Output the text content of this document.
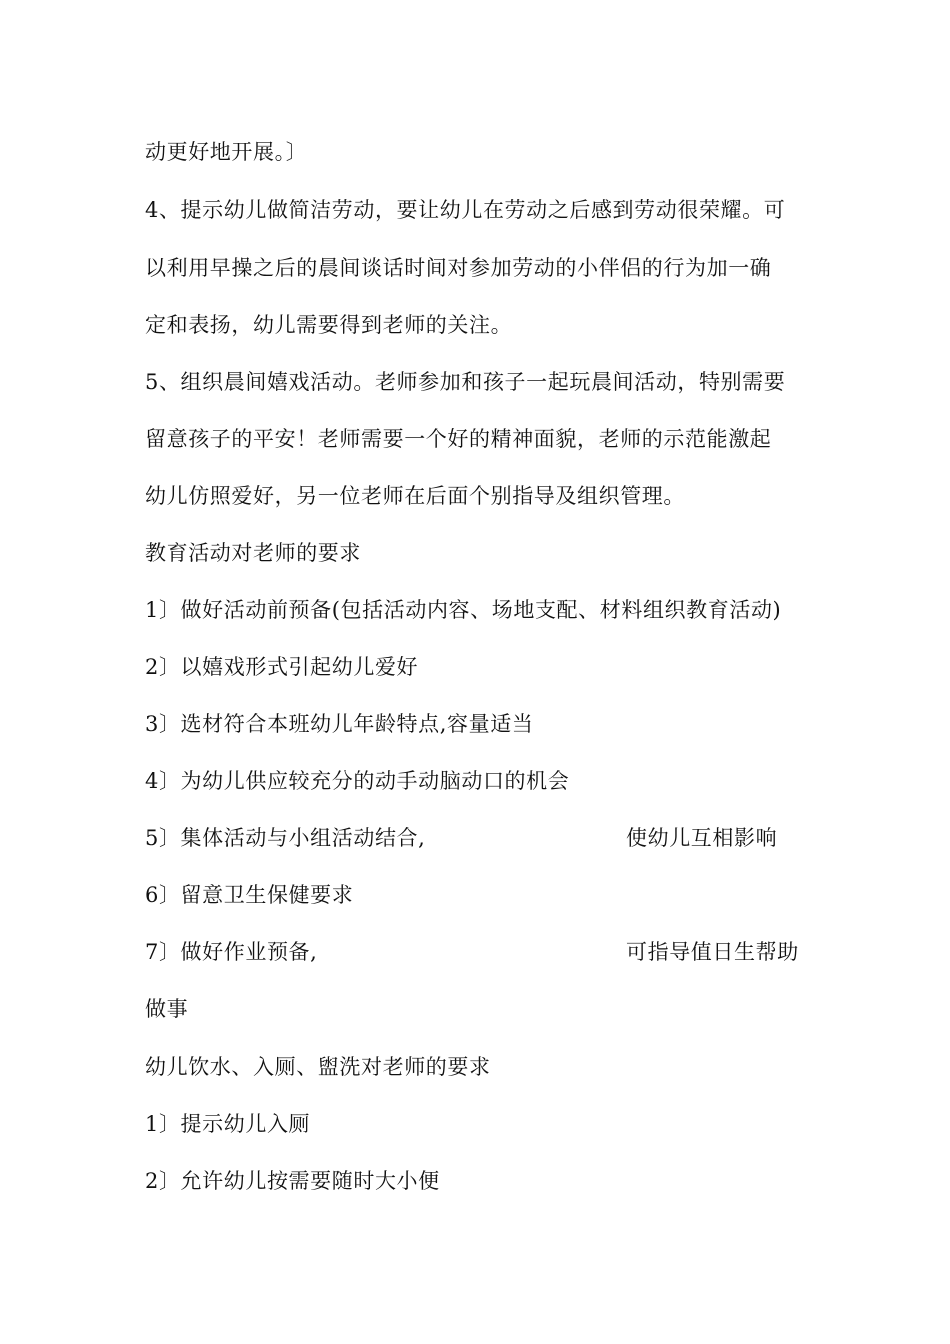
动更好地开展。〕
4、提示幼儿做简洁劳动，要让幼儿在劳动之后感到劳动很荣耀。可
以利用早操之后的晨间谈话时间对参加劳动的小伴侣的行为加一确
定和表扬，幼儿需要得到老师的关注。
5、组织晨间嬉戏活动。老师参加和孩子一起玩晨间活动，特别需要
留意孩子的平安！老师需要一个好的精神面貌，老师的示范能激起
幼儿仿照爱好，另一位老师在后面个别指导及组织管理。
教育活动对老师的要求
1〕做好活动前预备(包括活动内容、场地支配、材料组织教育活动)
2〕以嬉戏形式引起幼儿爱好
3〕选材符合本班幼儿年龄特点,容量适当
4〕为幼儿供应较充分的动手动脑动口的机会
5〕集体活动与小组活动结合,	使幼儿互相影响
6〕留意卫生保健要求
7〕做好作业预备,	可指导值日生帮助
做事
幼儿饮水、入厕、盥洗对老师的要求
1〕提示幼儿入厕
2〕允许幼儿按需要随时大小便
